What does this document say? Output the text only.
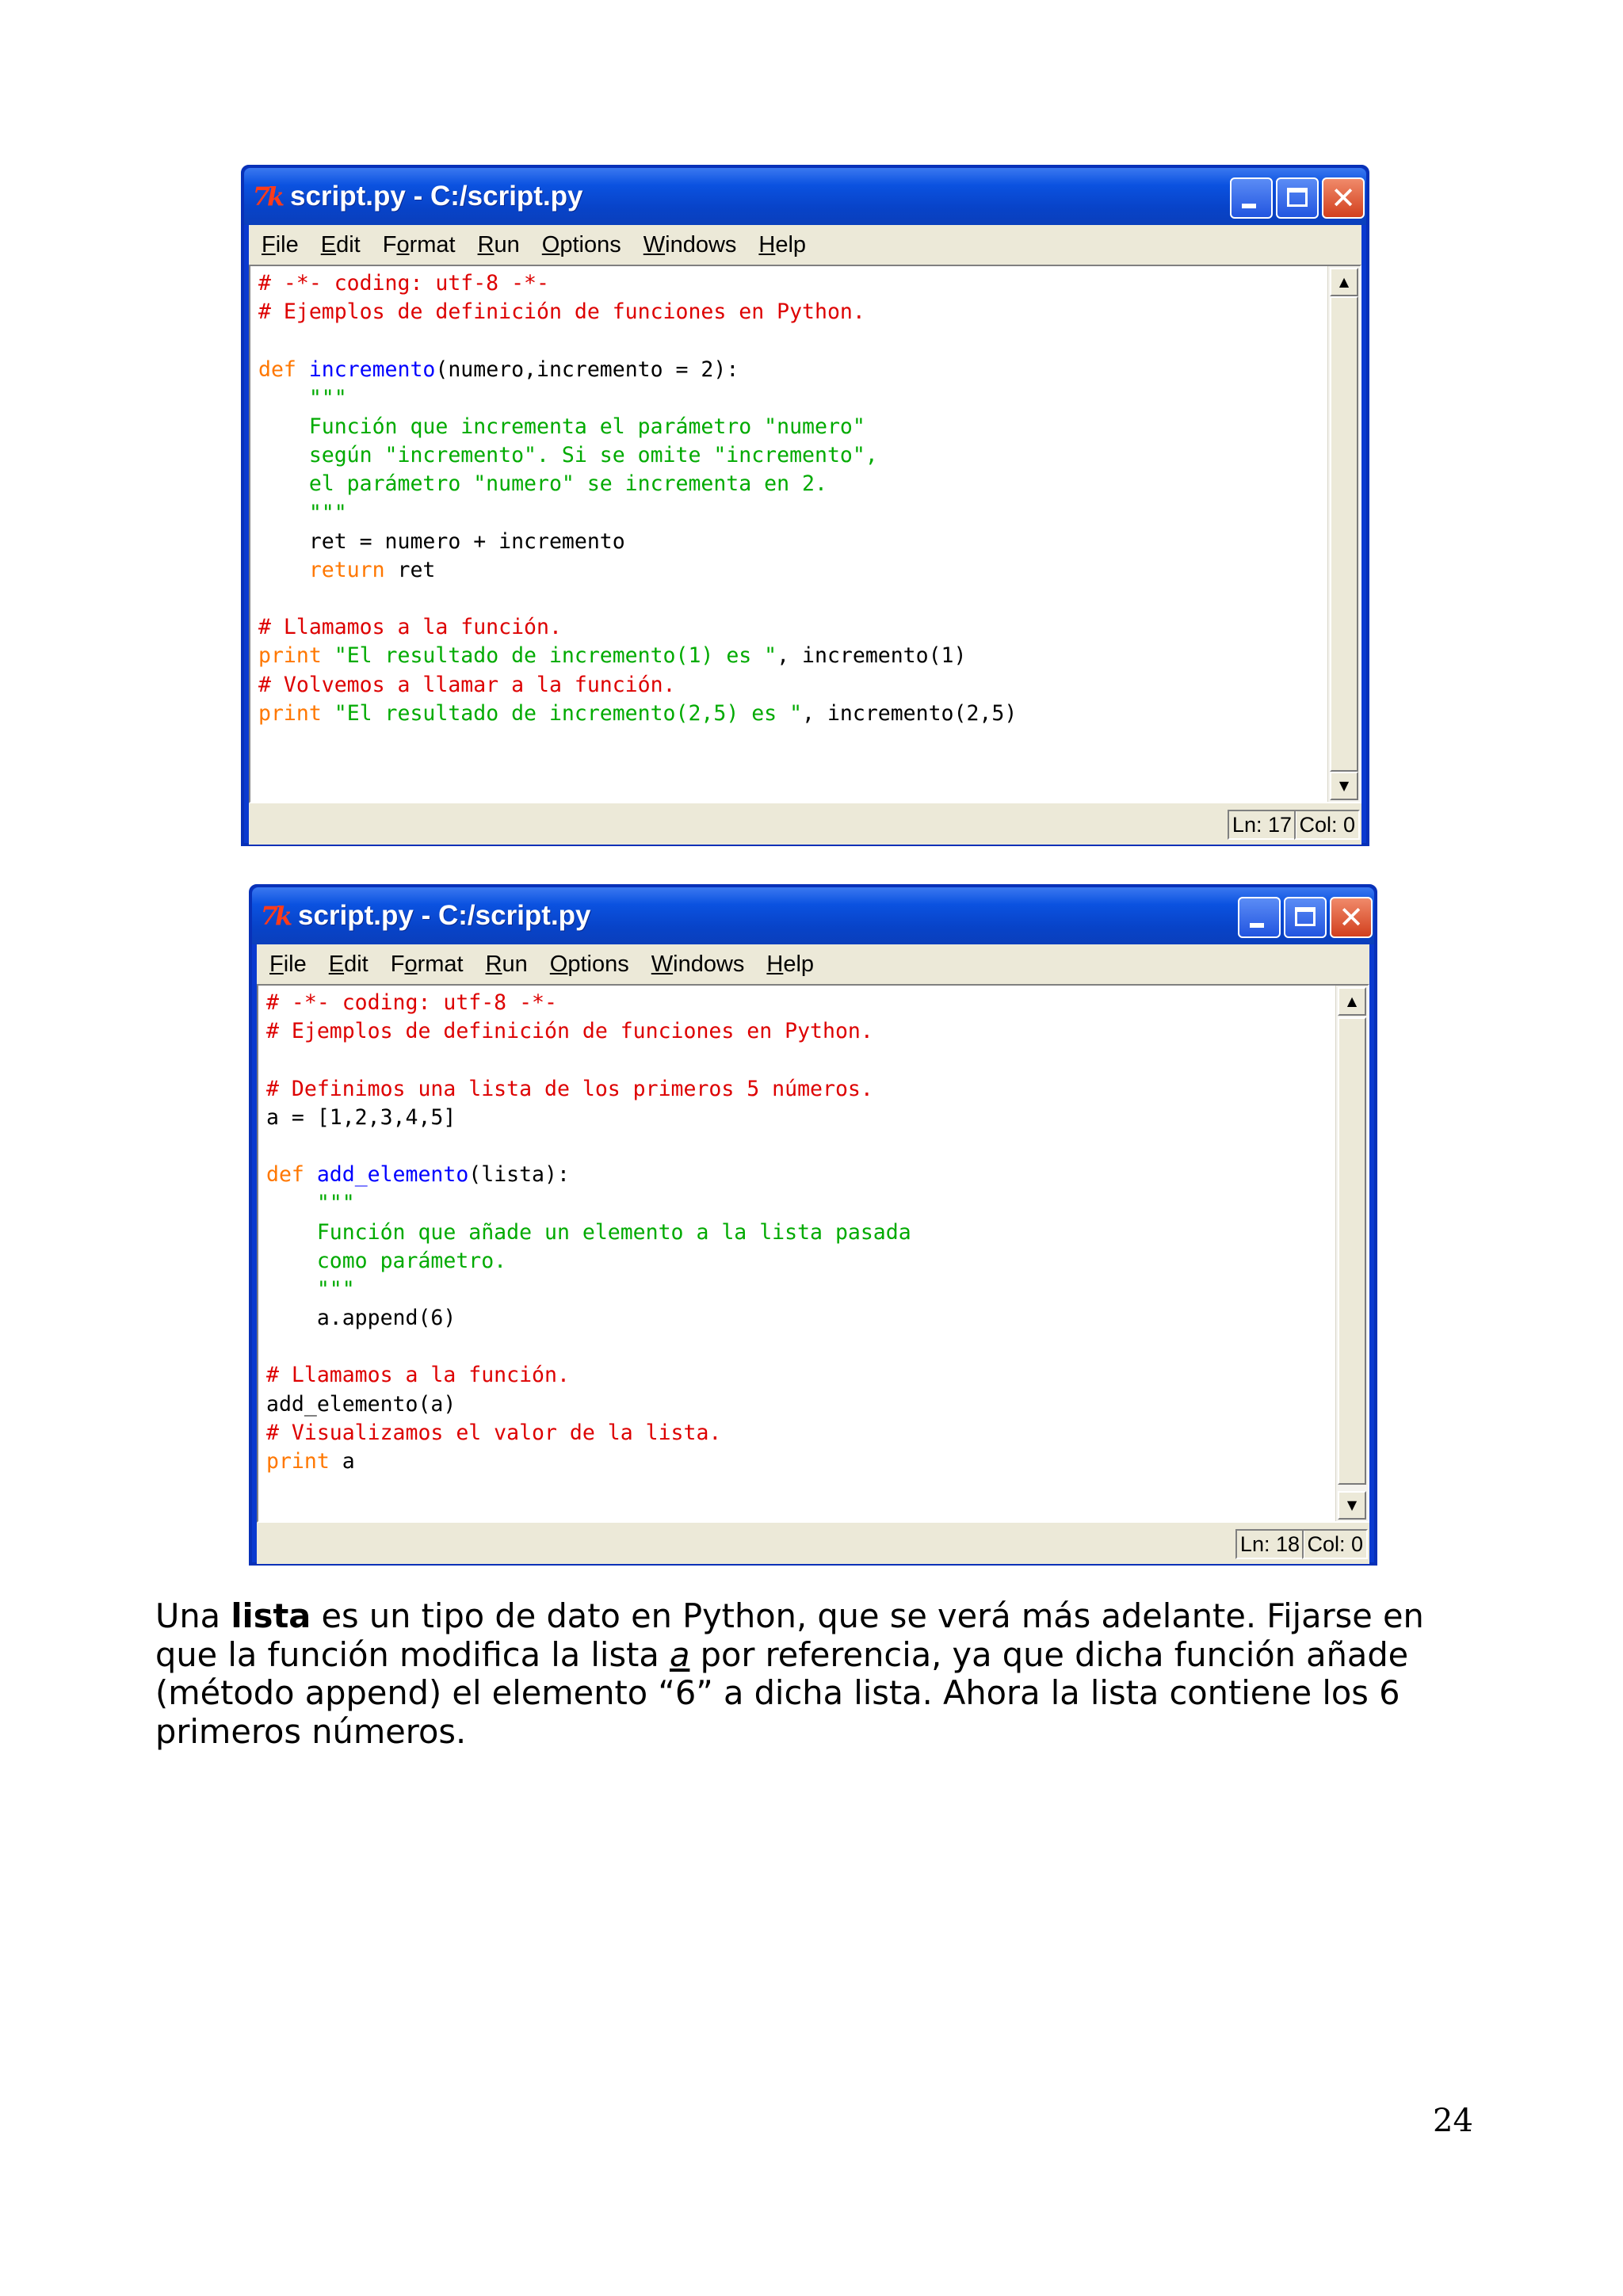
7k script.py - C:/script.py	✕
File Edit Format Run Options Windows Help
# -*- coding: utf-8 -*-
# Ejemplos de definición de funciones en Python.
def incremento(numero,incremento = 2):
"""
Función que incrementa el parámetro "numero"
según "incremento". Si se omite "incremento",
el parámetro "numero" se incrementa en 2.
"""
ret = numero + incremento
return ret
# Llamamos a la función.
print "El resultado de incremento(1) es ", incremento(1)
# Volvemos a llamar a la función.
print "El resultado de incremento(2,5) es ", incremento(2,5)
▲
▼
Ln: 17 Col: 0
7k script.py - C:/script.py	✕
File Edit Format Run Options Windows Help
# -*- coding: utf-8 -*-
# Ejemplos de definición de funciones en Python.
# Definimos una lista de los primeros 5 números.
a = [1,2,3,4,5]
def add_elemento(lista):
"""
Función que añade un elemento a la lista pasada
como parámetro.
"""
a.append(6)
# Llamamos a la función.
add_elemento(a)
# Visualizamos el valor de la lista.
print a
▲
▼
Ln: 18 Col: 0

Una lista es un tipo de dato en Python, que se verá más adelante. Fijarse en que la función modifica la lista a por referencia, ya que dicha función añade (método append) el elemento “6” a dicha lista. Ahora la lista contiene los 6 primeros números.

24
